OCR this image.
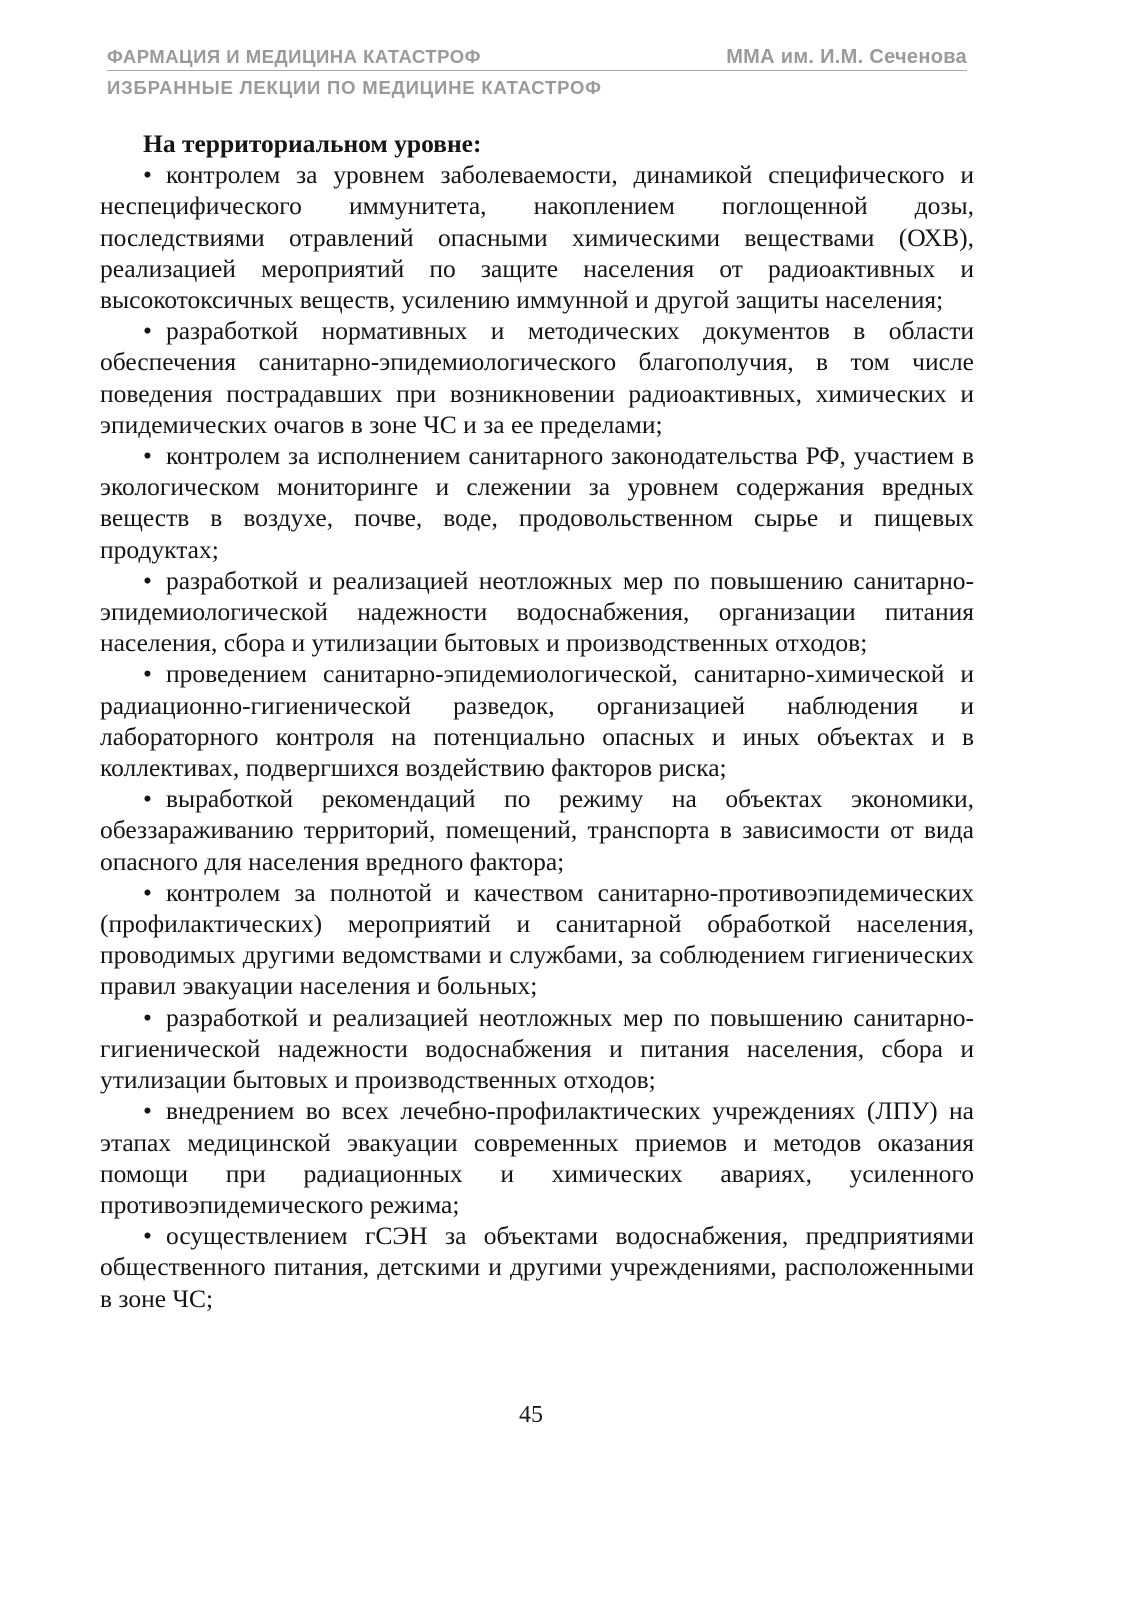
ФАРМАЦИЯ И МЕДИЦИНА КАТАСТРОФ	ММА им. И.М. Сеченова
ИЗБРАННЫЕ ЛЕКЦИИ ПО МЕДИЦИНЕ КАТАСТРОФ

На территориальном уровне:

• контролем за уровнем заболеваемости, динамикой специфического и неспецифического иммунитета, накоплением поглощенной дозы, последствиями отравлений опасными химическими веществами (ОХВ), реализацией мероприятий по защите населения от радиоактивных и высокотоксичных веществ, усилению иммунной и другой защиты населения;

• разработкой нормативных и методических документов в области обеспечения санитарно-эпидемиологического благополучия, в том числе поведения пострадавших при возникновении радиоактивных, химических и эпидемических очагов в зоне ЧС и за ее пределами;

• контролем за исполнением санитарного законодательства РФ, участием в экологическом мониторинге и слежении за уровнем содержания вредных веществ в воздухе, почве, воде, продовольственном сырье и пищевых продуктах;

• разработкой и реализацией неотложных мер по повышению санитарно-эпидемиологической надежности водоснабжения, организации питания населения, сбора и утилизации бытовых и производственных отходов;

• проведением санитарно-эпидемиологической, санитарно-химической и радиационно-гигиенической разведок, организацией наблюдения и лабораторного контроля на потенциально опасных и иных объектах и в коллективах, подвергшихся воздействию факторов риска;

• выработкой рекомендаций по режиму на объектах экономики, обеззараживанию территорий, помещений, транспорта в зависимости от вида опасного для населения вредного фактора;

• контролем за полнотой и качеством санитарно-противоэпидемических (профилактических) мероприятий и санитарной обработкой населения, проводимых другими ведомствами и службами, за соблюдением гигиенических правил эвакуации населения и больных;

• разработкой и реализацией неотложных мер по повышению санитарно-гигиенической надежности водоснабжения и питания населения, сбора и утилизации бытовых и производственных отходов;

• внедрением во всех лечебно-профилактических учреждениях (ЛПУ) на этапах медицинской эвакуации современных приемов и методов оказания помощи при радиационных и химических авариях, усиленного противоэпидемического режима;

• осуществлением гСЭН за объектами водоснабжения, предприятиями общественного питания, детскими и другими учреждениями, расположенными в зоне ЧС;

45
